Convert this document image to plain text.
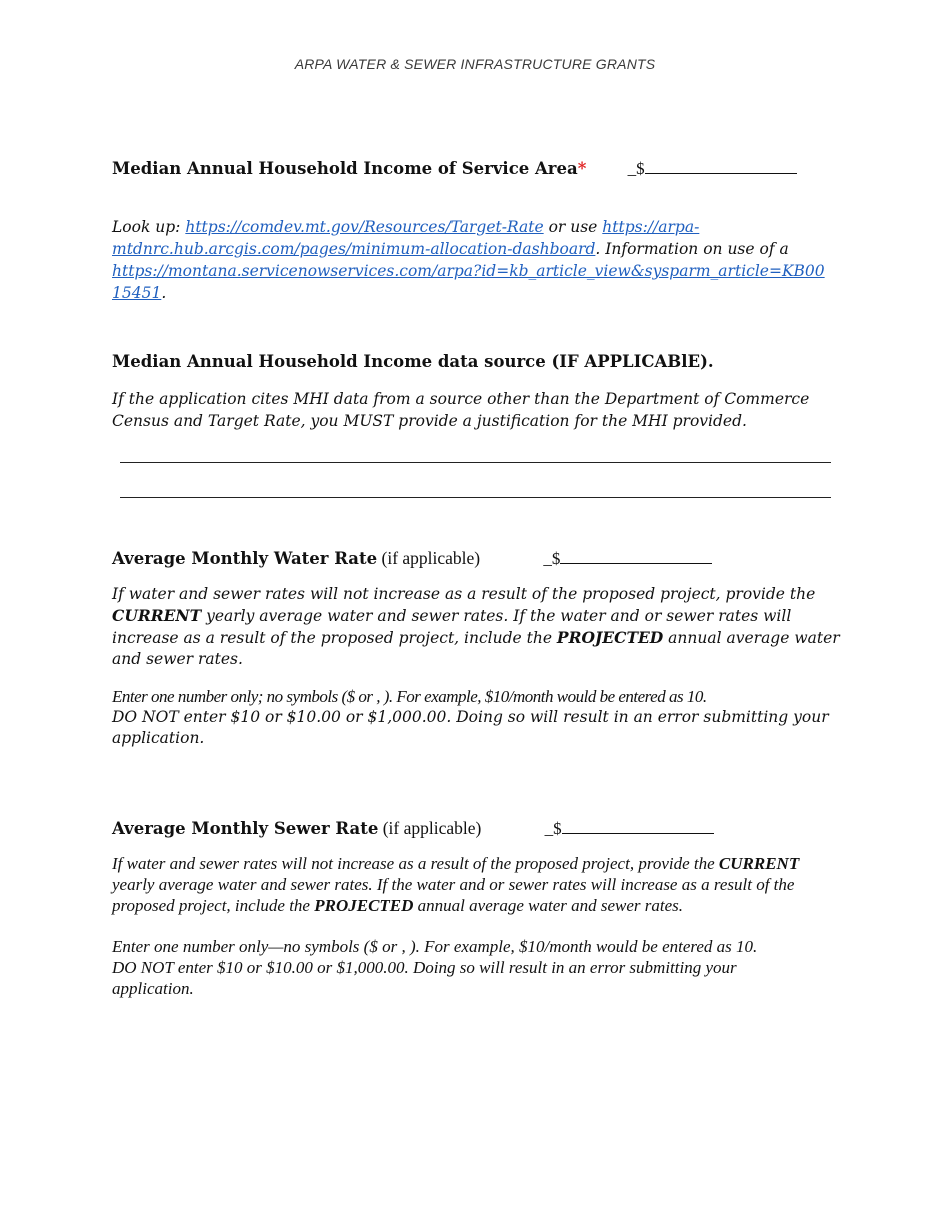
ARPA WATER & SEWER INFRASTRUCTURE GRANTS
Median Annual Household Income of Service Area* _$

Look up: https://comdev.mt.gov/Resources/Target-Rate or use https://arpa-
mtdnrc.hub.arcgis.com/pages/minimum-allocation-dashboard. Information on use of a
https://montana.servicenowservices.com/arpa?id=kb_article_view&sysparm_article=KB00
15451.

Median Annual Household Income data source (IF APPLICABlE).

If the application cites MHI data from a source other than the Department of Commerce
Census and Target Rate, you MUST provide a justification for the MHI provided.

Average Monthly Water Rate (if applicable)	_$

If water and sewer rates will not increase as a result of the proposed project, provide the
CURRENT yearly average water and sewer rates. If the water and or sewer rates will
increase as a result of the proposed project, include the PROJECTED annual average water
and sewer rates.

Enter one number only; no symbols ($ or , ). For example, $10/month would be entered as 10.

DO NOT enter $10 or $10.00 or $1,000.00. Doing so will result in an error submitting your
application.

Average Monthly Sewer Rate (if applicable)	_$

If water and sewer rates will not increase as a result of the proposed project, provide the CURRENT
yearly average water and sewer rates. If the water and or sewer rates will increase as a result of the
proposed project, include the PROJECTED annual average water and sewer rates.

Enter one number only—no symbols ($ or , ). For example, $10/month would be entered as 10.
DO NOT enter $10 or $10.00 or $1,000.00. Doing so will result in an error submitting your
application.
